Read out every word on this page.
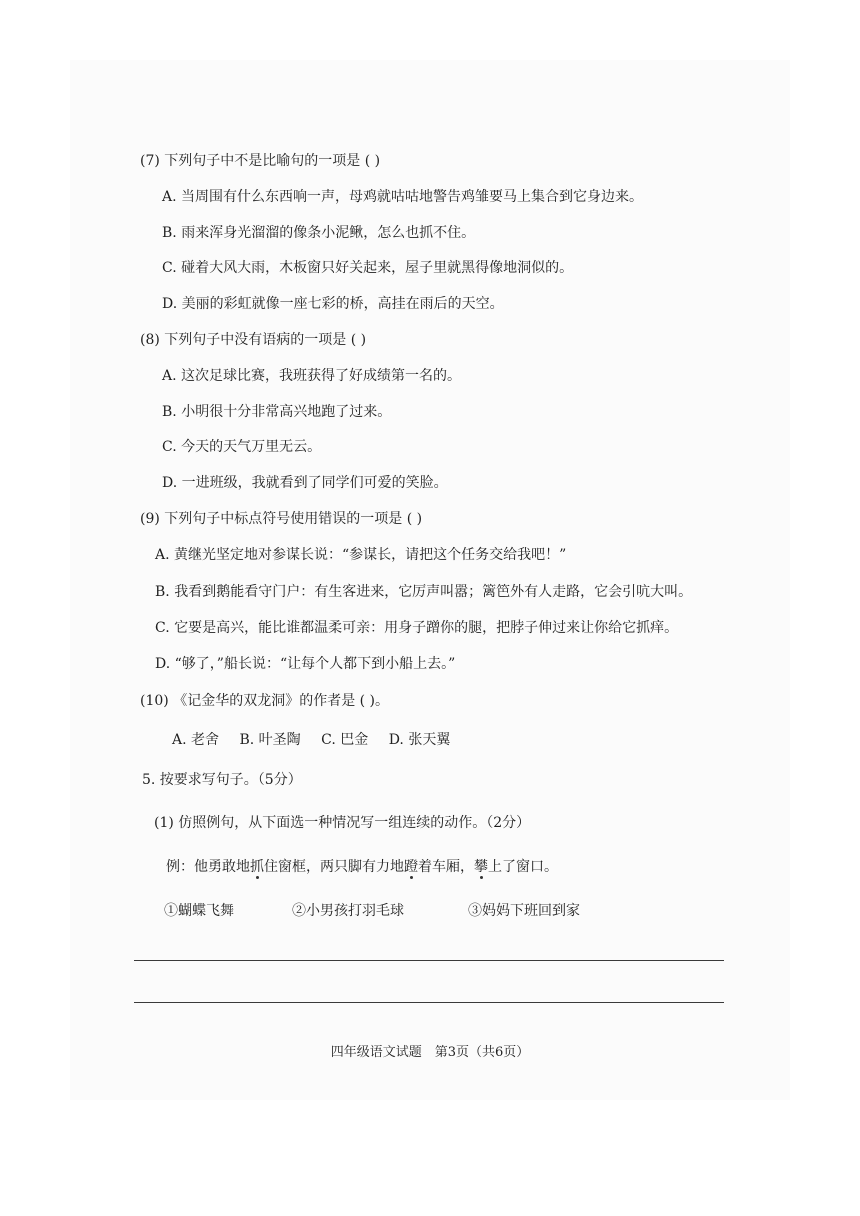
(7) 下列句子中不是比喻句的一项是 ( )
A. 当周围有什么东西响一声，母鸡就咕咕地警告鸡雏要马上集合到它身边来。
B. 雨来浑身光溜溜的像条小泥鳅，怎么也抓不住。
C. 碰着大风大雨，木板窗只好关起来，屋子里就黑得像地洞似的。
D. 美丽的彩虹就像一座七彩的桥，高挂在雨后的天空。
(8) 下列句子中没有语病的一项是 ( )
A. 这次足球比赛，我班获得了好成绩第一名的。
B. 小明很十分非常高兴地跑了过来。
C. 今天的天气万里无云。
D. 一进班级，我就看到了同学们可爱的笑脸。
(9) 下列句子中标点符号使用错误的一项是 ( )
A. 黄继光坚定地对参谋长说：“参谋长，请把这个任务交给我吧！”
B. 我看到鹅能看守门户：有生客进来，它厉声叫嚣；篱笆外有人走路，它会引吭大叫。
C. 它要是高兴，能比谁都温柔可亲：用身子蹭你的腿，把脖子伸过来让你给它抓痒。
D. “够了，”船长说：“让每个人都下到小船上去。”
(10) 《记金华的双龙洞》的作者是 ( )。
A. 老舍 B. 叶圣陶 C. 巴金 D. 张天翼
5. 按要求写句子。（5分）
(1) 仿照例句，从下面选一种情况写一组连续的动作。（2分）
例：他勇敢地抓住窗框，两只脚有力地蹬着车厢，攀上了窗口。
①蝴蝶飞舞	②小男孩打羽毛球	③妈妈下班回到家
四年级语文试题　第3页（共6页）
